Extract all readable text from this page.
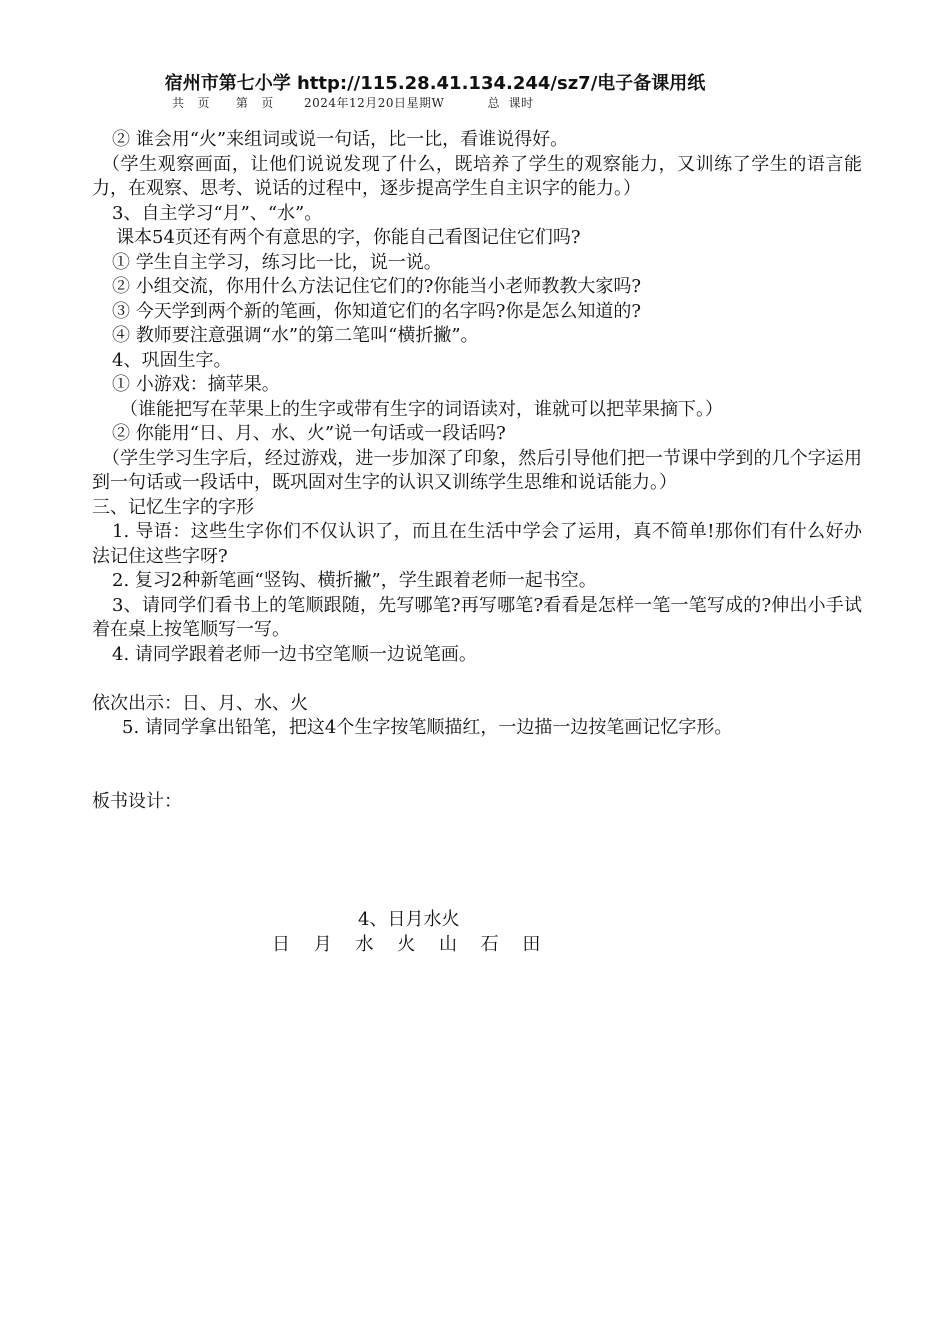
宿州市第七小学 http://115.28.41.134.244/sz7/电子备课用纸
共   页      第   页       2024年12月20日星期W          总  课时
② 谁会用“火”来组词或说一句话，比一比，看谁说得好。
（学生观察画面，让他们说说发现了什么，既培养了学生的观察能力，又训练了学生的语言能力，在观察、思考、说话的过程中，逐步提高学生自主识字的能力。）
3、自主学习“月”、“水”。
课本54页还有两个有意思的字，你能自己看图记住它们吗?
① 学生自主学习，练习比一比，说一说。
② 小组交流，你用什么方法记住它们的?你能当小老师教教大家吗?
③ 今天学到两个新的笔画，你知道它们的名字吗?你是怎么知道的?
④ 教师要注意强调“水”的第二笔叫“横折撇”。
4、巩固生字。
① 小游戏：摘苹果。
（谁能把写在苹果上的生字或带有生字的词语读对，谁就可以把苹果摘下。）
② 你能用“日、月、水、火”说一句话或一段话吗?
（学生学习生字后，经过游戏，进一步加深了印象，然后引导他们把一节课中学到的几个字运用到一句话或一段话中，既巩固对生字的认识又训练学生思维和说话能力。）
三、记忆生字的字形
1. 导语：这些生字你们不仅认识了，而且在生活中学会了运用，真不简单!那你们有什么好办法记住这些字呀?
2. 复习2种新笔画“竖钩、横折撇”，学生跟着老师一起书空。
3、请同学们看书上的笔顺跟随，先写哪笔?再写哪笔?看看是怎样一笔一笔写成的?伸出小手试着在桌上按笔顺写一写。
4. 请同学跟着老师一边书空笔顺一边说笔画。
依次出示：日、月、水、火
5. 请同学拿出铅笔，把这4个生字按笔顺描红，一边描一边按笔画记忆字形。
板书设计：
4、日月水火
日 月 水 火 山 石 田
